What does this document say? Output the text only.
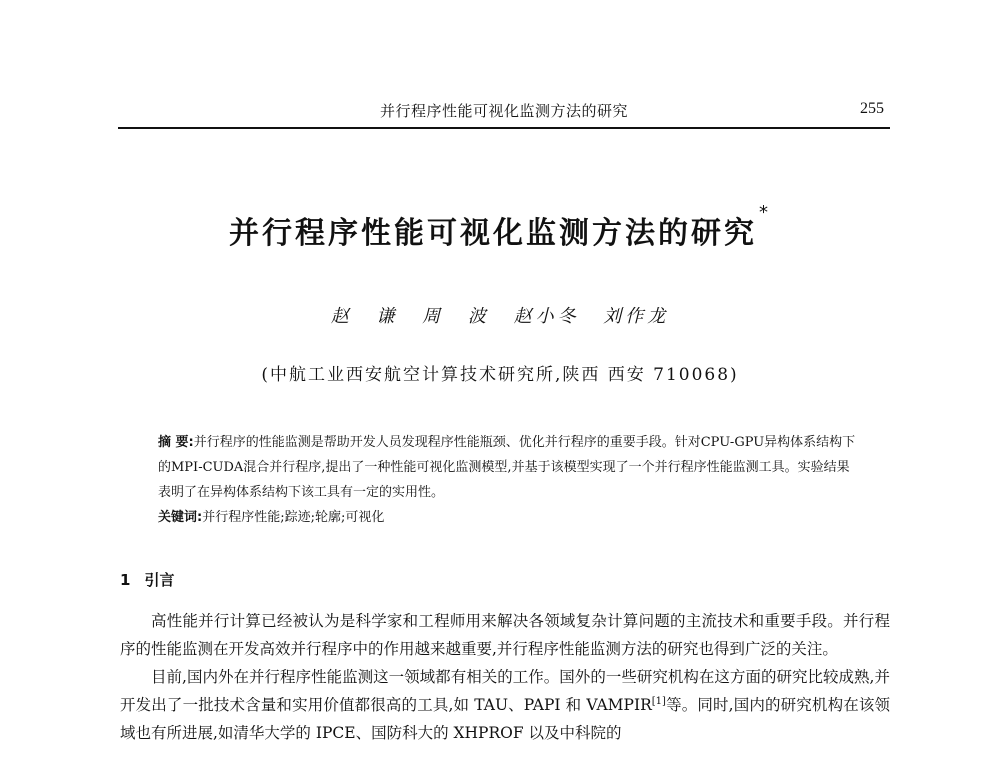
并行程序性能可视化监测方法的研究	255
并行程序性能可视化监测方法的研究*
赵 谦 周 波 赵小冬 刘作龙
(中航工业西安航空计算技术研究所,陕西 西安 710068)

摘 要:并行程序的性能监测是帮助开发人员发现程序性能瓶颈、优化并行程序的重要手段。针对CPU-GPU异构体系结构下的MPI-CUDA混合并行程序,提出了一种性能可视化监测模型,并基于该模型实现了一个并行程序性能监测工具。实验结果表明了在异构体系结构下该工具有一定的实用性。

关键词:并行程序性能;踪迹;轮廓;可视化

1 引言

高性能并行计算已经被认为是科学家和工程师用来解决各领域复杂计算问题的主流技术和重要手段。并行程序的性能监测在开发高效并行程序中的作用越来越重要,并行程序性能监测方法的研究也得到广泛的关注。

目前,国内外在并行程序性能监测这一领域都有相关的工作。国外的一些研究机构在这方面的研究比较成熟,并开发出了一批技术含量和实用价值都很高的工具,如 TAU、PAPI 和 VAMPIR[1]等。同时,国内的研究机构在该领域也有所进展,如清华大学的 IPCE、国防科大的 XHPROF 以及中科院的
